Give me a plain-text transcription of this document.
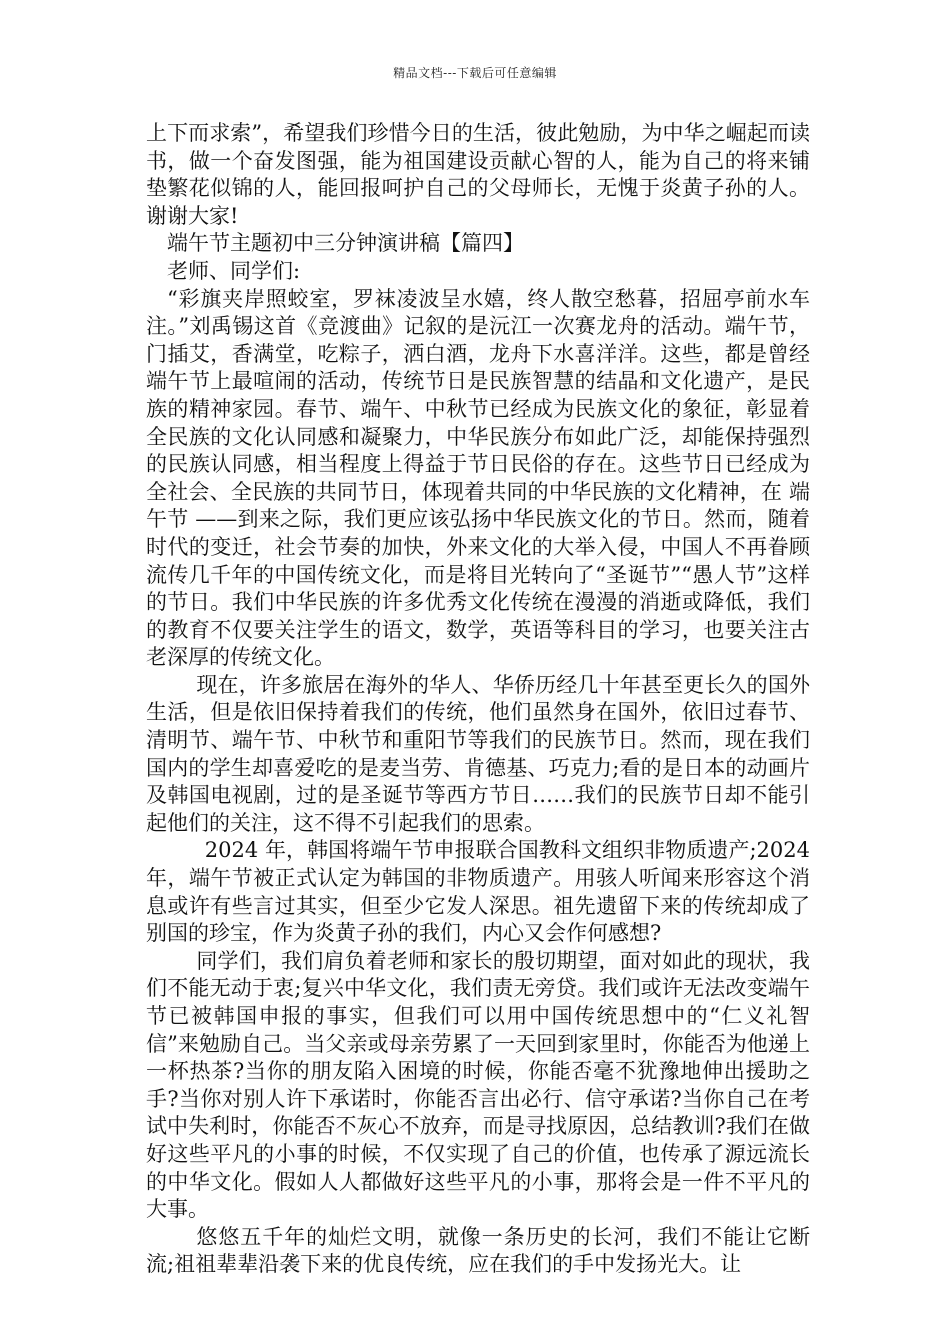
精品文档---下载后可任意编辑

上下而求索”，希望我们珍惜今日的生活，彼此勉励，为中华之崛起而读书，做一个奋发图强，能为祖国建设贡献心智的人，能为自己的将来铺垫繁花似锦的人，能回报呵护自己的父母师长，无愧于炎黄子孙的人。谢谢大家!

端午节主题初中三分钟演讲稿【篇四】

老师、同学们:

“彩旗夹岸照蛟室，罗袜凌波呈水嬉，终人散空愁暮，招屈亭前水车注。”刘禹锡这首《竞渡曲》记叙的是沅江一次赛龙舟的活动。端午节，门插艾，香满堂，吃粽子，洒白酒，龙舟下水喜洋洋。这些，都是曾经端午节上最喧闹的活动，传统节日是民族智慧的结晶和文化遗产，是民族的精神家园。春节、端午、中秋节已经成为民族文化的象征，彰显着全民族的文化认同感和凝聚力，中华民族分布如此广泛，却能保持强烈的民族认同感，相当程度上得益于节日民俗的存在。这些节日已经成为全社会、全民族的共同节日，体现着共同的中华民族的文化精神，在 端午节 ——到来之际，我们更应该弘扬中华民族文化的节日。然而，随着时代的变迁，社会节奏的加快，外来文化的大举入侵，中国人不再眷顾流传几千年的中国传统文化，而是将目光转向了“圣诞节”“愚人节”这样的节日。我们中华民族的许多优秀文化传统在漫漫的消逝或降低，我们的教育不仅要关注学生的语文，数学，英语等科目的学习，也要关注古老深厚的传统文化。

现在，许多旅居在海外的华人、华侨历经几十年甚至更长久的国外生活，但是依旧保持着我们的传统，他们虽然身在国外，依旧过春节、清明节、端午节、中秋节和重阳节等我们的民族节日。然而，现在我们国内的学生却喜爱吃的是麦当劳、肯德基、巧克力;看的是日本的动画片及韩国电视剧，过的是圣诞节等西方节日……我们的民族节日却不能引起他们的关注，这不得不引起我们的思索。

2024 年，韩国将端午节申报联合国教科文组织非物质遗产;2024 年，端午节被正式认定为韩国的非物质遗产。用骇人听闻来形容这个消息或许有些言过其实，但至少它发人深思。祖先遗留下来的传统却成了别国的珍宝，作为炎黄子孙的我们，内心又会作何感想?

同学们，我们肩负着老师和家长的殷切期望，面对如此的现状，我们不能无动于衷;复兴中华文化，我们责无旁贷。我们或许无法改变端午节已被韩国申报的事实，但我们可以用中国传统思想中的“仁义礼智信”来勉励自己。当父亲或母亲劳累了一天回到家里时，你能否为他递上一杯热茶?当你的朋友陷入困境的时候，你能否毫不犹豫地伸出援助之手?当你对别人许下承诺时，你能否言出必行、信守承诺?当你自己在考试中失利时，你能否不灰心不放弃，而是寻找原因，总结教训?我们在做好这些平凡的小事的时候，不仅实现了自己的价值，也传承了源远流长的中华文化。假如人人都做好这些平凡的小事，那将会是一件不平凡的大事。

悠悠五千年的灿烂文明，就像一条历史的长河，我们不能让它断流;祖祖辈辈沿袭下来的优良传统，应在我们的手中发扬光大。让
